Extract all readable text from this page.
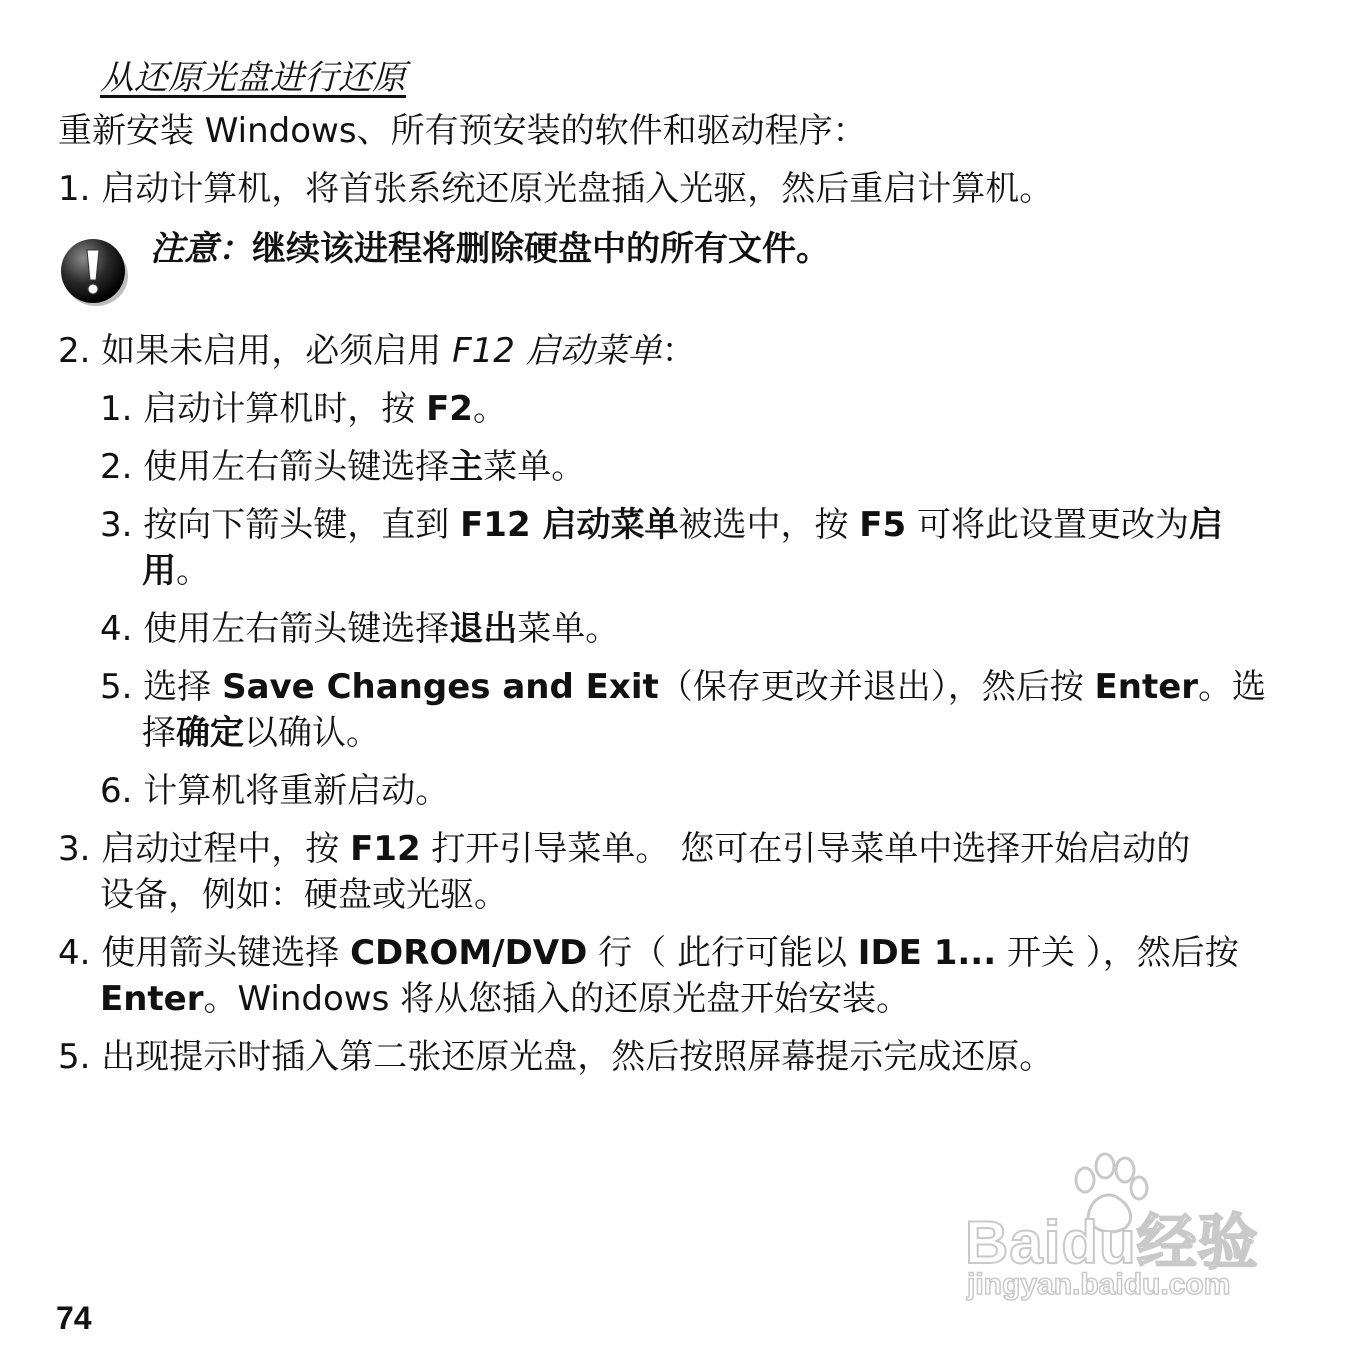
从还原光盘进行还原
重新安装 Windows、所有预安装的软件和驱动程序：
1. 启动计算机，将首张系统还原光盘插入光驱，然后重启计算机。
注意：继续该进程将删除硬盘中的所有文件。
2. 如果未启用，必须启用 F12 启动菜单：
1. 启动计算机时，按 F2。
2. 使用左右箭头键选择主菜单。
3. 按向下箭头键，直到 F12 启动菜单被选中，按 F5 可将此设置更改为启
用。
4. 使用左右箭头键选择退出菜单。
5. 选择 Save Changes and Exit（保存更改并退出），然后按 Enter。选
择确定以确认。
6. 计算机将重新启动。
3. 启动过程中，按 F12 打开引导菜单。 您可在引导菜单中选择开始启动的
设备，例如：硬盘或光驱。
4. 使用箭头键选择 CDROM/DVD 行（ 此行可能以 IDE 1... 开关 ），然后按
Enter。Windows 将从您插入的还原光盘开始安装。
5. 出现提示时插入第二张还原光盘，然后按照屏幕提示完成还原。
Baidu经验
jingyan.baidu.com
74
